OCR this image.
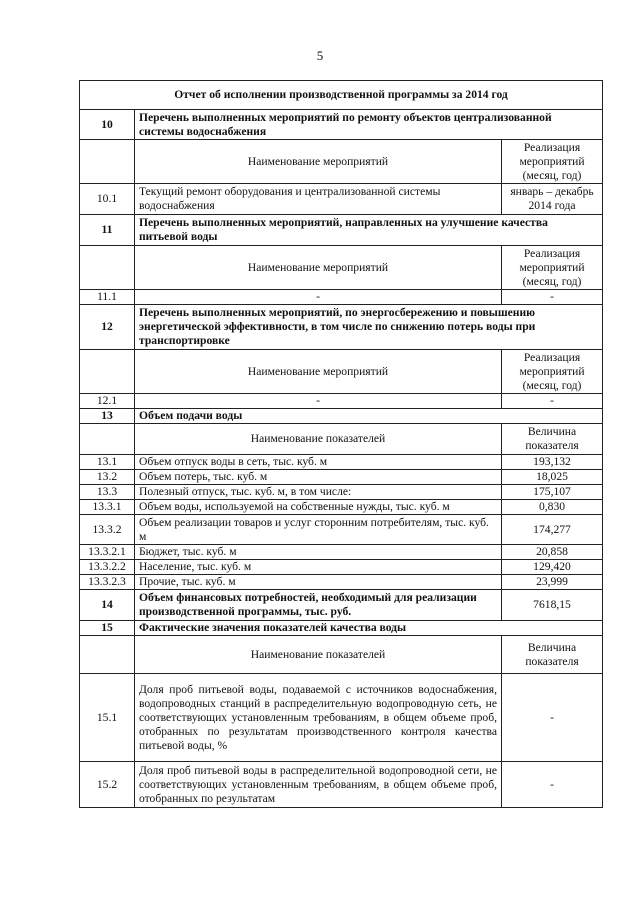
5
Отчет об исполнении производственной программы за 2014 год		
10	Перечень выполненных мероприятий по ремонту объектов централизованной системы водоснабжения	
	Наименование мероприятий	Реализация мероприятий (месяц, год)
10.1	Текущий ремонт оборудования и централизованной системы водоснабжения	январь – декабрь 2014 года
11	Перечень выполненных мероприятий, направленных на улучшение качества питьевой воды	
	Наименование мероприятий	Реализация мероприятий (месяц, год)
11.1	-	-
12	Перечень выполненных мероприятий, по энергосбережению и повышению энергетической эффективности, в том числе по снижению потерь воды при транспортировке	
	Наименование мероприятий	Реализация мероприятий (месяц, год)
12.1	-	-
13	Объем подачи воды	
	Наименование показателей	Величина показателя
13.1	Объем отпуск воды в сеть, тыс. куб. м	193,132
13.2	Объем потерь, тыс. куб. м	18,025
13.3	Полезный отпуск, тыс. куб. м, в том числе:	175,107
13.3.1	Объем воды, используемой на собственные нужды, тыс. куб. м	0,830
13.3.2	Объем реализации товаров и услуг сторонним потребителям, тыс. куб. м	174,277
13.3.2.1	Бюджет, тыс. куб. м	20,858
13.3.2.2	Население, тыс. куб. м	129,420
13.3.2.3	Прочие, тыс. куб. м	23,999
14	Объем финансовых потребностей, необходимый для реализации производственной программы, тыс. руб.	7618,15
15	Фактические значения показателей качества воды	
	Наименование показателей	Величина показателя
15.1	Доля проб питьевой воды, подаваемой с источников водоснабжения, водопроводных станций в распределительную водопроводную сеть, не соответствующих установленным требованиям, в общем объеме проб, отобранных по результатам производственного контроля качества питьевой воды, %	-
15.2	Доля проб питьевой воды в распределительной водопроводной сети, не соответствующих установленным требованиям, в общем объеме проб, отобранных по результатам	-
